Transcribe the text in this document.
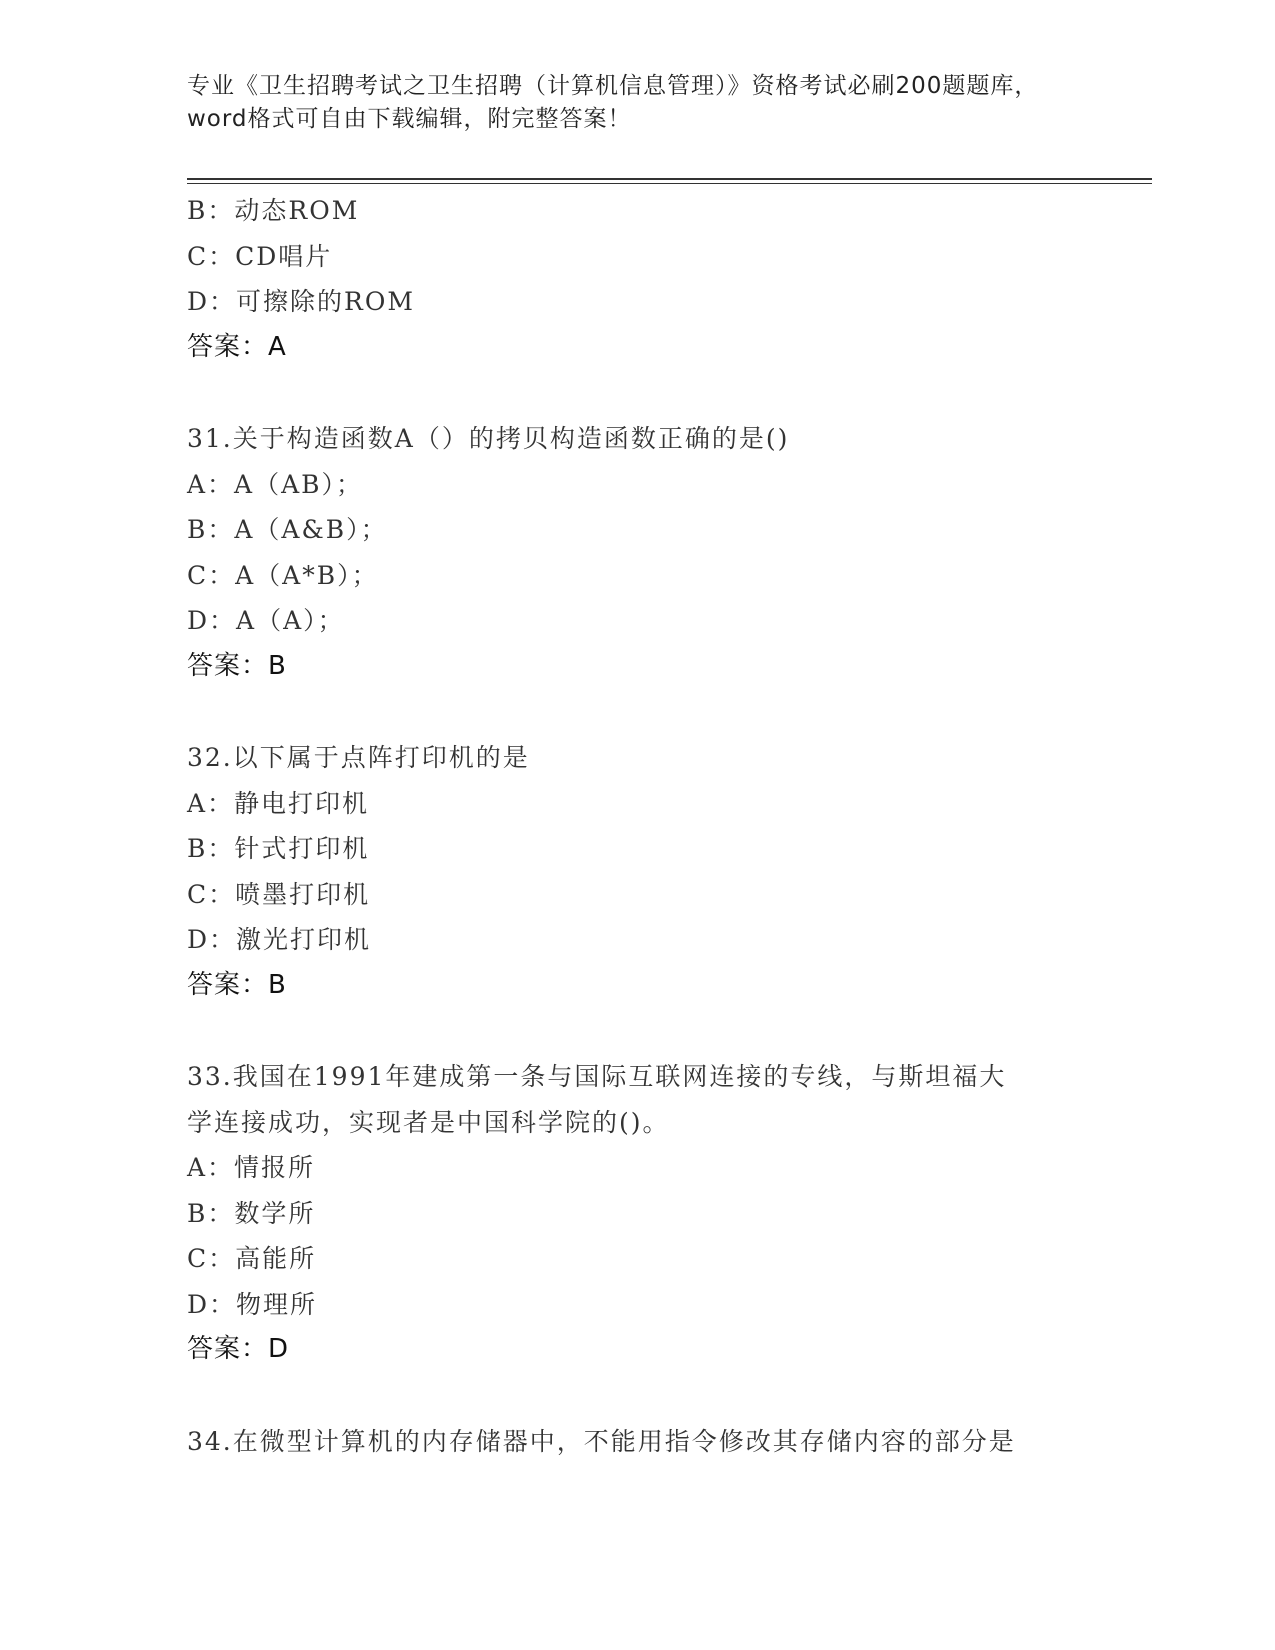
专业《卫生招聘考试之卫生招聘（计算机信息管理）》资格考试必刷200题题库，
word格式可自由下载编辑，附完整答案！
B：动态ROM
C：CD唱片
D：可擦除的ROM
答案：A
31.关于构造函数A（）的拷贝构造函数正确的是()
A：A（AB）；
B：A（A&B）；
C：A（A*B）；
D：A（A）；
答案：B
32.以下属于点阵打印机的是
A：静电打印机
B：针式打印机
C：喷墨打印机
D：激光打印机
答案：B
33.我国在1991年建成第一条与国际互联网连接的专线，与斯坦福大
学连接成功，实现者是中国科学院的()。
A：情报所
B：数学所
C：高能所
D：物理所
答案：D
34.在微型计算机的内存储器中，不能用指令修改其存储内容的部分是
